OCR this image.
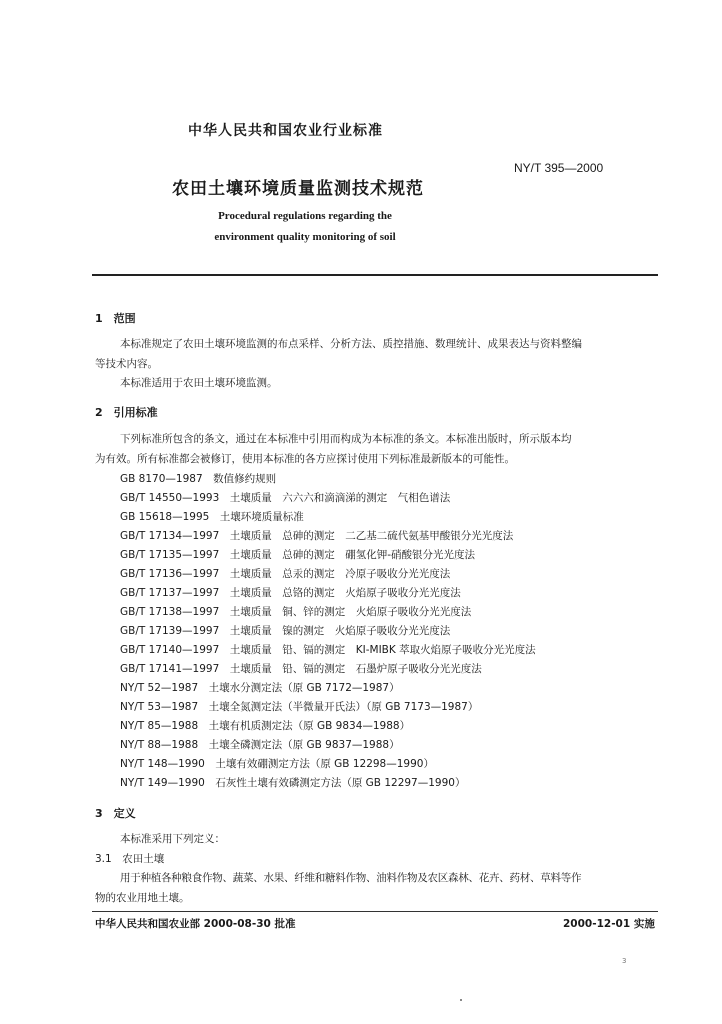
中华人民共和国农业行业标准
NY/T 395—2000
农田土壤环境质量监测技术规范
Procedural regulations regarding the
environment quality monitoring of soil
1　范围
本标准规定了农田土壤环境监测的布点采样、分析方法、质控措施、数理统计、成果表达与资料整编
等技术内容。
本标准适用于农田土壤环境监测。
2　引用标准
下列标准所包含的条文，通过在本标准中引用而构成为本标准的条文。本标准出版时，所示版本均
为有效。所有标准都会被修订，使用本标准的各方应探讨使用下列标准最新版本的可能性。
GB 8170—1987　数值修约规则
GB/T 14550—1993　土壤质量　六六六和滴滴涕的测定　气相色谱法
GB 15618—1995　土壤环境质量标准
GB/T 17134—1997　土壤质量　总砷的测定　二乙基二硫代氨基甲酸银分光光度法
GB/T 17135—1997　土壤质量　总砷的测定　硼氢化钾-硝酸银分光光度法
GB/T 17136—1997　土壤质量　总汞的测定　冷原子吸收分光光度法
GB/T 17137—1997　土壤质量　总铬的测定　火焰原子吸收分光光度法
GB/T 17138—1997　土壤质量　铜、锌的测定　火焰原子吸收分光光度法
GB/T 17139—1997　土壤质量　镍的测定　火焰原子吸收分光光度法
GB/T 17140—1997　土壤质量　铅、镉的测定　KI-MIBK 萃取火焰原子吸收分光光度法
GB/T 17141—1997　土壤质量　铅、镉的测定　石墨炉原子吸收分光光度法
NY/T 52—1987　土壤水分测定法（原 GB 7172—1987）
NY/T 53—1987　土壤全氮测定法（半微量开氏法）（原 GB 7173—1987）
NY/T 85—1988　土壤有机质测定法（原 GB 9834—1988）
NY/T 88—1988　土壤全磷测定法（原 GB 9837—1988）
NY/T 148—1990　土壤有效硼测定方法（原 GB 12298—1990）
NY/T 149—1990　石灰性土壤有效磷测定方法（原 GB 12297—1990）
3　定义
本标准采用下列定义：
3.1　农田土壤
用于种植各种粮食作物、蔬菜、水果、纤维和糖料作物、油料作物及农区森林、花卉、药材、草料等作
物的农业用地土壤。
中华人民共和国农业部 2000-08-30 批准	2000-12-01 实施
3
